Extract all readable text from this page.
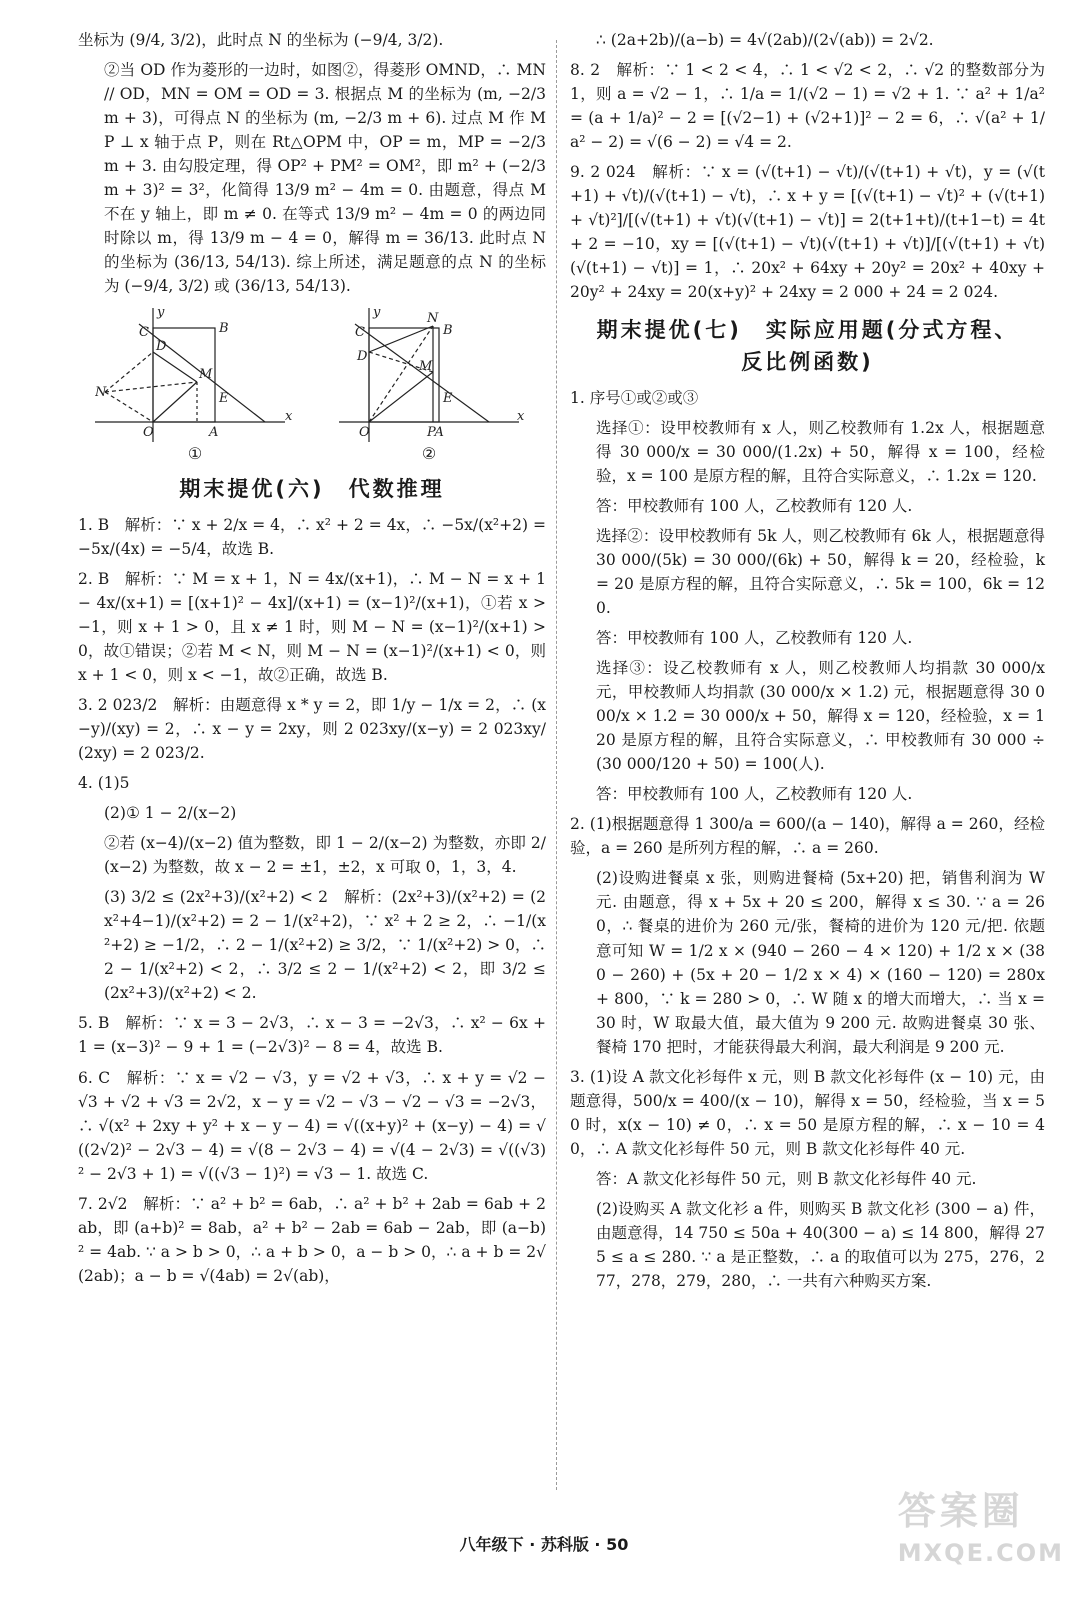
坐标为 (9/4, 3/2)，此时点 N 的坐标为 (−9/4, 3/2).

②当 OD 作为菱形的一边时，如图②，得菱形 OMND，∴ MN // OD，MN = OM = OD = 3. 根据点 M 的坐标为 (m, −2/3 m + 3)，可得点 N 的坐标为 (m, −2/3 m + 6). 过点 M 作 MP ⊥ x 轴于点 P，则在 Rt△OPM 中，OP = m，MP = −2/3 m + 3. 由勾股定理，得 OP² + PM² = OM²，即 m² + (−2/3 m + 3)² = 3²，化简得 13/9 m² − 4m = 0. 由题意，得点 M 不在 y 轴上，即 m ≠ 0. 在等式 13/9 m² − 4m = 0 的两边同时除以 m，得 13/9 m − 4 = 0，解得 m = 36/13. 此时点 N 的坐标为 (36/13, 54/13). 综上所述，满足题意的点 N 的坐标为 (−9/4, 3/2) 或 (36/13, 54/13).

x
y
C
D
B
M
E
N
O	A
①
x
y
C
D
N
B
M
E
O	PA
②
期末提优(六)　代数推理

1. B　解析：∵ x + 2/x = 4，∴ x² + 2 = 4x，∴ −5x/(x²+2) = −5x/(4x) = −5/4，故选 B.

2. B　解析：∵ M = x + 1，N = 4x/(x+1)，∴ M − N = x + 1 − 4x/(x+1) = [(x+1)² − 4x]/(x+1) = (x−1)²/(x+1)，①若 x > −1，则 x + 1 > 0，且 x ≠ 1 时，则 M − N = (x−1)²/(x+1) > 0，故①错误；②若 M < N，则 M − N = (x−1)²/(x+1) < 0，则 x + 1 < 0，则 x < −1，故②正确，故选 B.

3. 2 023/2　解析：由题意得 x * y = 2，即 1/y − 1/x = 2，∴ (x−y)/(xy) = 2，∴ x − y = 2xy，则 2 023xy/(x−y) = 2 023xy/(2xy) = 2 023/2.

4. (1)5

(2)① 1 − 2/(x−2)

②若 (x−4)/(x−2) 值为整数，即 1 − 2/(x−2) 为整数，亦即 2/(x−2) 为整数，故 x − 2 = ±1，±2，x 可取 0，1，3，4.

(3) 3/2 ≤ (2x²+3)/(x²+2) < 2　解析：(2x²+3)/(x²+2) = (2x²+4−1)/(x²+2) = 2 − 1/(x²+2)，∵ x² + 2 ≥ 2，∴ −1/(x²+2) ≥ −1/2，∴ 2 − 1/(x²+2) ≥ 3/2，∵ 1/(x²+2) > 0，∴ 2 − 1/(x²+2) < 2，∴ 3/2 ≤ 2 − 1/(x²+2) < 2，即 3/2 ≤ (2x²+3)/(x²+2) < 2.

5. B　解析：∵ x = 3 − 2√3，∴ x − 3 = −2√3，∴ x² − 6x + 1 = (x−3)² − 9 + 1 = (−2√3)² − 8 = 4，故选 B.

6. C　解析：∵ x = √2 − √3，y = √2 + √3，∴ x + y = √2 − √3 + √2 + √3 = 2√2，x − y = √2 − √3 − √2 − √3 = −2√3，∴ √(x² + 2xy + y² + x − y − 4) = √((x+y)² + (x−y) − 4) = √((2√2)² − 2√3 − 4) = √(8 − 2√3 − 4) = √(4 − 2√3) = √((√3)² − 2√3 + 1) = √((√3 − 1)²) = √3 − 1. 故选 C.

7. 2√2　解析：∵ a² + b² = 6ab，∴ a² + b² + 2ab = 6ab + 2ab，即 (a+b)² = 8ab，a² + b² − 2ab = 6ab − 2ab，即 (a−b)² = 4ab. ∵ a > b > 0，∴ a + b > 0，a − b > 0，∴ a + b = 2√(2ab)；a − b = √(4ab) = 2√(ab)，

∴ (2a+2b)/(a−b) = 4√(2ab)/(2√(ab)) = 2√2.

8. 2　解析：∵ 1 < 2 < 4，∴ 1 < √2 < 2，∴ √2 的整数部分为 1，则 a = √2 − 1，∴ 1/a = 1/(√2 − 1) = √2 + 1. ∵ a² + 1/a² = (a + 1/a)² − 2 = [(√2−1) + (√2+1)]² − 2 = 6，∴ √(a² + 1/a² − 2) = √(6 − 2) = √4 = 2.

9. 2 024　解析：∵ x = (√(t+1) − √t)/(√(t+1) + √t)，y = (√(t+1) + √t)/(√(t+1) − √t)，∴ x + y = [(√(t+1) − √t)² + (√(t+1) + √t)²]/[(√(t+1) + √t)(√(t+1) − √t)] = 2(t+1+t)/(t+1−t) = 4t + 2 = −10，xy = [(√(t+1) − √t)(√(t+1) + √t)]/[(√(t+1) + √t)(√(t+1) − √t)] = 1，∴ 20x² + 64xy + 20y² = 20x² + 40xy + 20y² + 24xy = 20(x+y)² + 24xy = 2 000 + 24 = 2 024.

期末提优(七)　实际应用题(分式方程、
反比例函数)

1. 序号①或②或③

选择①：设甲校教师有 x 人，则乙校教师有 1.2x 人，根据题意得 30 000/x = 30 000/(1.2x) + 50，解得 x = 100，经检验，x = 100 是原方程的解，且符合实际意义，∴ 1.2x = 120.

答：甲校教师有 100 人，乙校教师有 120 人.

选择②：设甲校教师有 5k 人，则乙校教师有 6k 人，根据题意得 30 000/(5k) = 30 000/(6k) + 50，解得 k = 20，经检验，k = 20 是原方程的解，且符合实际意义，∴ 5k = 100，6k = 120.

答：甲校教师有 100 人，乙校教师有 120 人.

选择③：设乙校教师有 x 人，则乙校教师人均捐款 30 000/x 元，甲校教师人均捐款 (30 000/x × 1.2) 元，根据题意得 30 000/x × 1.2 = 30 000/x + 50，解得 x = 120，经检验，x = 120 是原方程的解，且符合实际意义，∴ 甲校教师有 30 000 ÷ (30 000/120 + 50) = 100(人).

答：甲校教师有 100 人，乙校教师有 120 人.

2. (1)根据题意得 1 300/a = 600/(a − 140)，解得 a = 260，经检验，a = 260 是所列方程的解，∴ a = 260.

(2)设购进餐桌 x 张，则购进餐椅 (5x+20) 把，销售利润为 W 元. 由题意，得 x + 5x + 20 ≤ 200，解得 x ≤ 30. ∵ a = 260，∴ 餐桌的进价为 260 元/张，餐椅的进价为 120 元/把. 依题意可知 W = 1/2 x × (940 − 260 − 4 × 120) + 1/2 x × (380 − 260) + (5x + 20 − 1/2 x × 4) × (160 − 120) = 280x + 800，∵ k = 280 > 0，∴ W 随 x 的增大而增大，∴ 当 x = 30 时，W 取最大值，最大值为 9 200 元. 故购进餐桌 30 张、餐椅 170 把时，才能获得最大利润，最大利润是 9 200 元.

3. (1)设 A 款文化衫每件 x 元，则 B 款文化衫每件 (x − 10) 元，由题意得，500/x = 400/(x − 10)，解得 x = 50，经检验，当 x = 50 时，x(x − 10) ≠ 0，∴ x = 50 是原方程的解，∴ x − 10 = 40，∴ A 款文化衫每件 50 元，则 B 款文化衫每件 40 元.

答：A 款文化衫每件 50 元，则 B 款文化衫每件 40 元.

(2)设购买 A 款文化衫 a 件，则购买 B 款文化衫 (300 − a) 件，由题意得，14 750 ≤ 50a + 40(300 − a) ≤ 14 800，解得 275 ≤ a ≤ 280. ∵ a 是正整数，∴ a 的取值可以为 275，276，277，278，279，280，∴ 一共有六种购买方案.

八年级下 · 苏科版 · 50
答案圈
MXQE.COM
